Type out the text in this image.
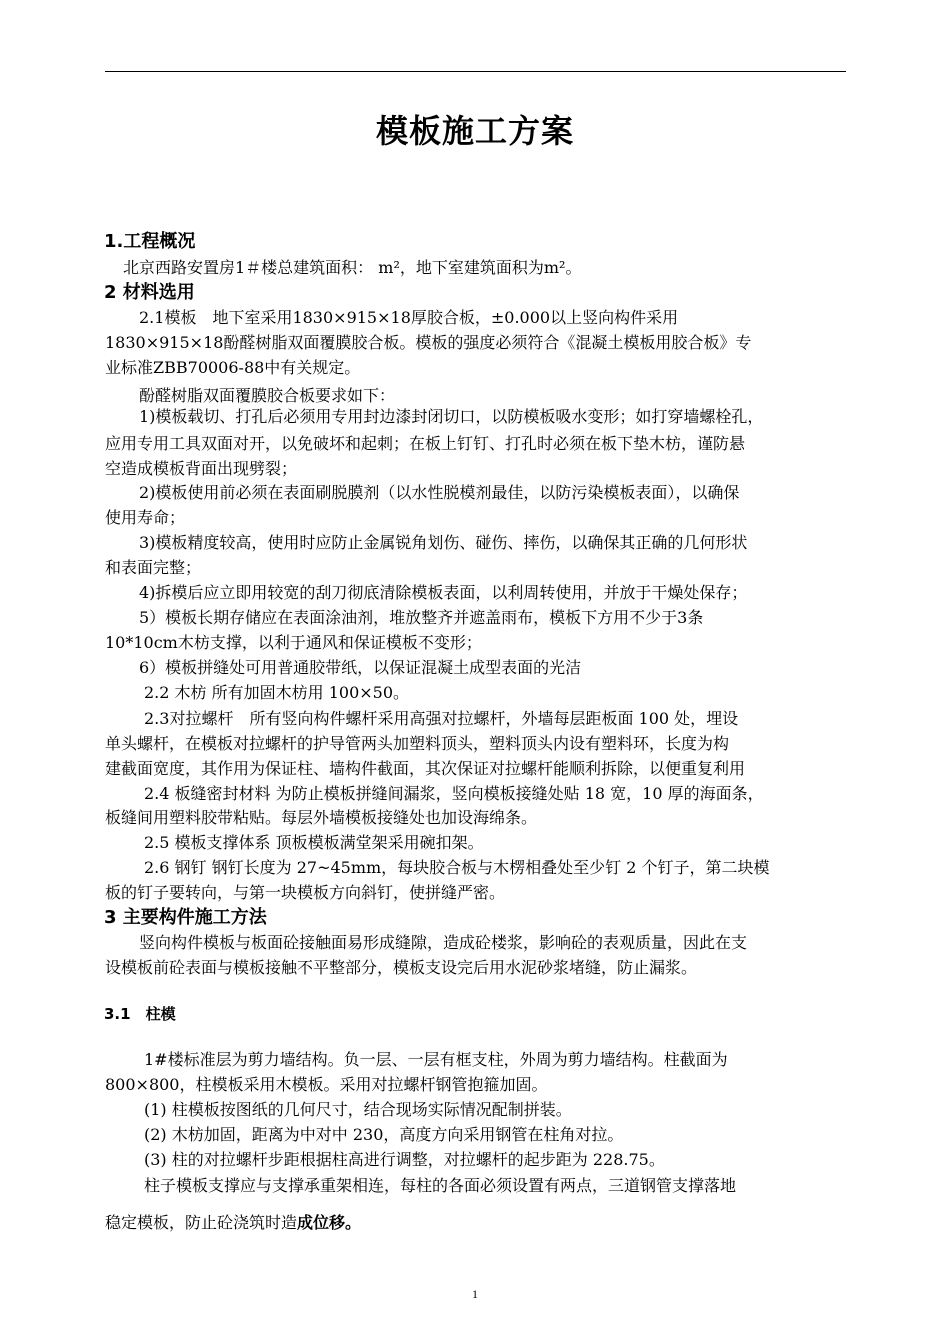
模板施工方案
1.工程概况
北京西路安置房1＃楼总建筑面积： m²，地下室建筑面积为m²。
2 材料选用
2.1模板　地下室采用1830×915×18厚胶合板，±0.000以上竖向构件采用
1830×915×18酚醛树脂双面覆膜胶合板。模板的强度必须符合《混凝土模板用胶合板》专
业标准ZBB70006-88中有关规定。
酚醛树脂双面覆膜胶合板要求如下：
1)模板载切、打孔后必须用专用封边漆封闭切口，以防模板吸水变形；如打穿墙螺栓孔，
应用专用工具双面对开，以免破坏和起刺；在板上钉钉、打孔时必须在板下垫木枋，谨防悬
空造成模板背面出现劈裂；
2)模板使用前必须在表面刷脱膜剂（以水性脱模剂最佳，以防污染模板表面），以确保
使用寿命；
3)模板精度较高，使用时应防止金属锐角划伤、碰伤、摔伤，以确保其正确的几何形状
和表面完整；
4)拆模后应立即用较宽的刮刀彻底清除模板表面，以利周转使用，并放于干燥处保存；
5）模板长期存储应在表面涂油剂，堆放整齐并遮盖雨布，模板下方用不少于3条
10*10cm木枋支撑，以利于通风和保证模板不变形；
6）模板拼缝处可用普通胶带纸，以保证混凝土成型表面的光洁
2.2 木枋 所有加固木枋用 100×50。
2.3对拉螺杆　所有竖向构件螺杆采用高强对拉螺杆，外墙每层距板面 100 处，埋设
单头螺杆，在模板对拉螺杆的护导管两头加塑料顶头，塑料顶头内设有塑料环，长度为构
建截面宽度，其作用为保证柱、墙构件截面，其次保证对拉螺杆能顺利拆除，以便重复利用
2.4 板缝密封材料 为防止模板拼缝间漏浆，竖向模板接缝处贴 18 宽，10 厚的海面条，
板缝间用塑料胶带粘贴。每层外墙模板接缝处也加设海绵条。
2.5 模板支撑体系 顶板模板满堂架采用碗扣架。
2.6 钢钉 钢钉长度为 27~45mm，每块胶合板与木楞相叠处至少钉 2 个钉子，第二块模
板的钉子要转向，与第一块模板方向斜钉，使拼缝严密。
3 主要构件施工方法
竖向构件模板与板面砼接触面易形成缝隙，造成砼楼浆，影响砼的表观质量，因此在支
设模板前砼表面与模板接触不平整部分，模板支设完后用水泥砂浆堵缝，防止漏浆。
3.1　柱模
1#楼标准层为剪力墙结构。负一层、一层有框支柱，外周为剪力墙结构。柱截面为
800×800，柱模板采用木模板。采用对拉螺杆钢管抱箍加固。
(1) 柱模板按图纸的几何尺寸，结合现场实际情况配制拼装。
(2) 木枋加固，距离为中对中 230，高度方向采用钢管在柱角对拉。
(3) 柱的对拉螺杆步距根据柱高进行调整，对拉螺杆的起步距为 228.75。
柱子模板支撑应与支撑承重架相连，每柱的各面必须设置有两点，三道钢管支撑落地
稳定模板，防止砼浇筑时造成位移。
1
